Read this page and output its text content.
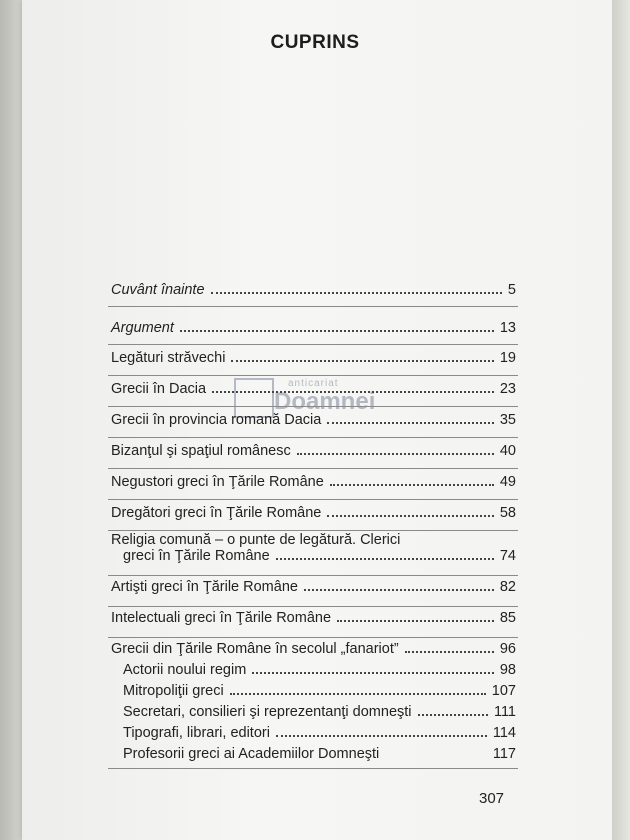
CUPRINS
anticariat
Doamnei
Cuvânt înainte	5
Argument	13
Legături străvechi	19
Grecii în Dacia	23
Grecii în provincia romană Dacia	35
Bizanţul şi spaţiul românesc	40
Negustori greci în Ţările Române	49
Dregători greci în Ţările Române	58
Religia comună – o punte de legătură. Clerici
greci în Ţările Române	74
Artişti greci în Ţările Române	82
Intelectuali greci în Ţările Române	85
Grecii din Ţările Române în secolul „fanariot”	96
Actorii noului regim	98
Mitropoliţii greci	107
Secretari, consilieri şi reprezentanţi domneşti	111
Tipografi, librari, editori	114
Profesorii greci ai Academiilor Domneşti	117
307
